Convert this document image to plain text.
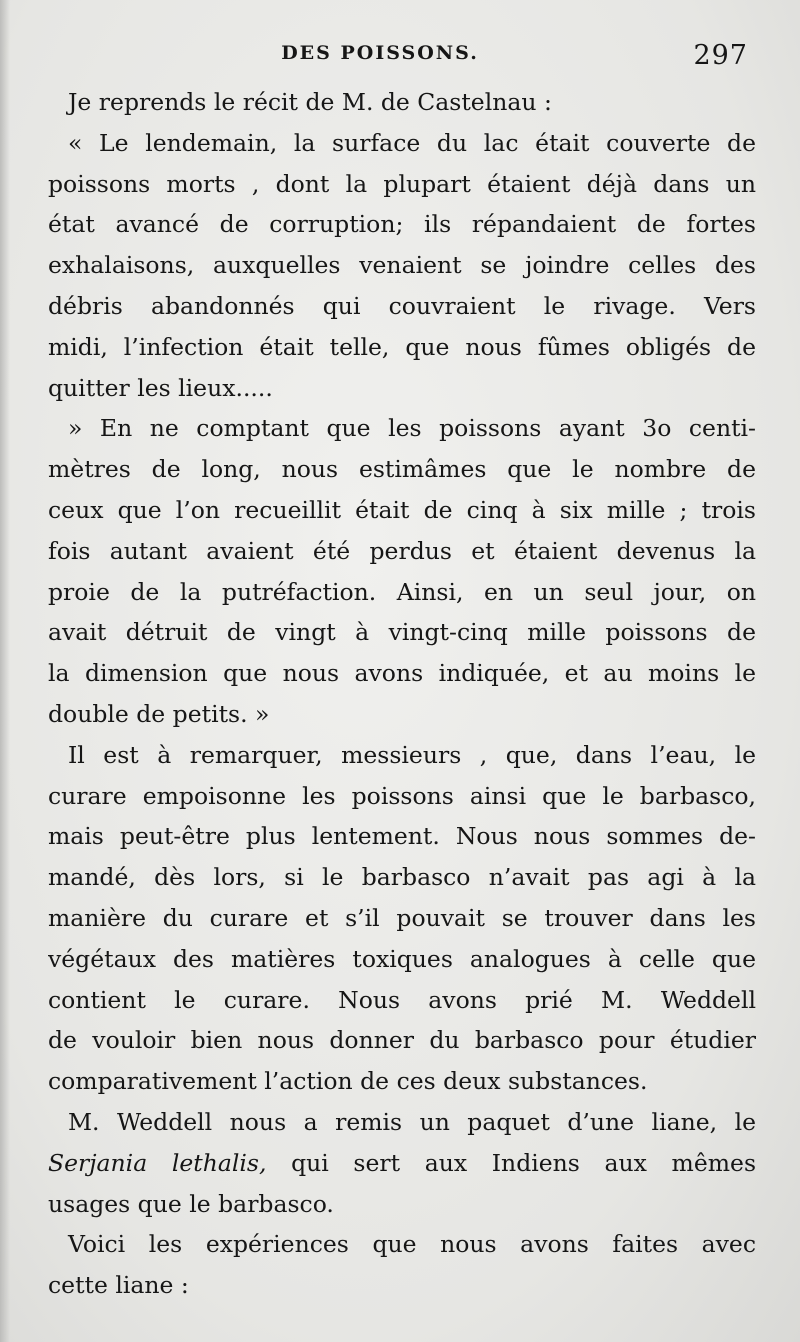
DES POISSONS.	297
Je reprends le récit de M. de Castelnau :
« Le lendemain, la surface du lac était couverte de
poissons morts , dont la plupart étaient déjà dans un
état avancé de corruption; ils répandaient de fortes
exhalaisons, auxquelles venaient se joindre celles des
débris abandonnés qui couvraient le rivage. Vers
midi, l’infection était telle, que nous fûmes obligés de
quitter les lieux.....
» En ne comptant que les poissons ayant 3o centi-
mètres de long, nous estimâmes que le nombre de
ceux que l’on recueillit était de cinq à six mille ; trois
fois autant avaient été perdus et étaient devenus la
proie de la putréfaction. Ainsi, en un seul jour, on
avait détruit de vingt à vingt-cinq mille poissons de
la dimension que nous avons indiquée, et au moins le
double de petits. »
Il est à remarquer, messieurs , que, dans l’eau, le
curare empoisonne les poissons ainsi que le barbasco,
mais peut-être plus lentement. Nous nous sommes de-
mandé, dès lors, si le barbasco n’avait pas agi à la
manière du curare et s’il pouvait se trouver dans les
végétaux des matières toxiques analogues à celle que
contient le curare. Nous avons prié M. Weddell
de vouloir bien nous donner du barbasco pour étudier
comparativement l’action de ces deux substances.
M. Weddell nous a remis un paquet d’une liane, le
Serjania lethalis, qui sert aux Indiens aux mêmes
usages que le barbasco.
Voici les expériences que nous avons faites avec
cette liane :
